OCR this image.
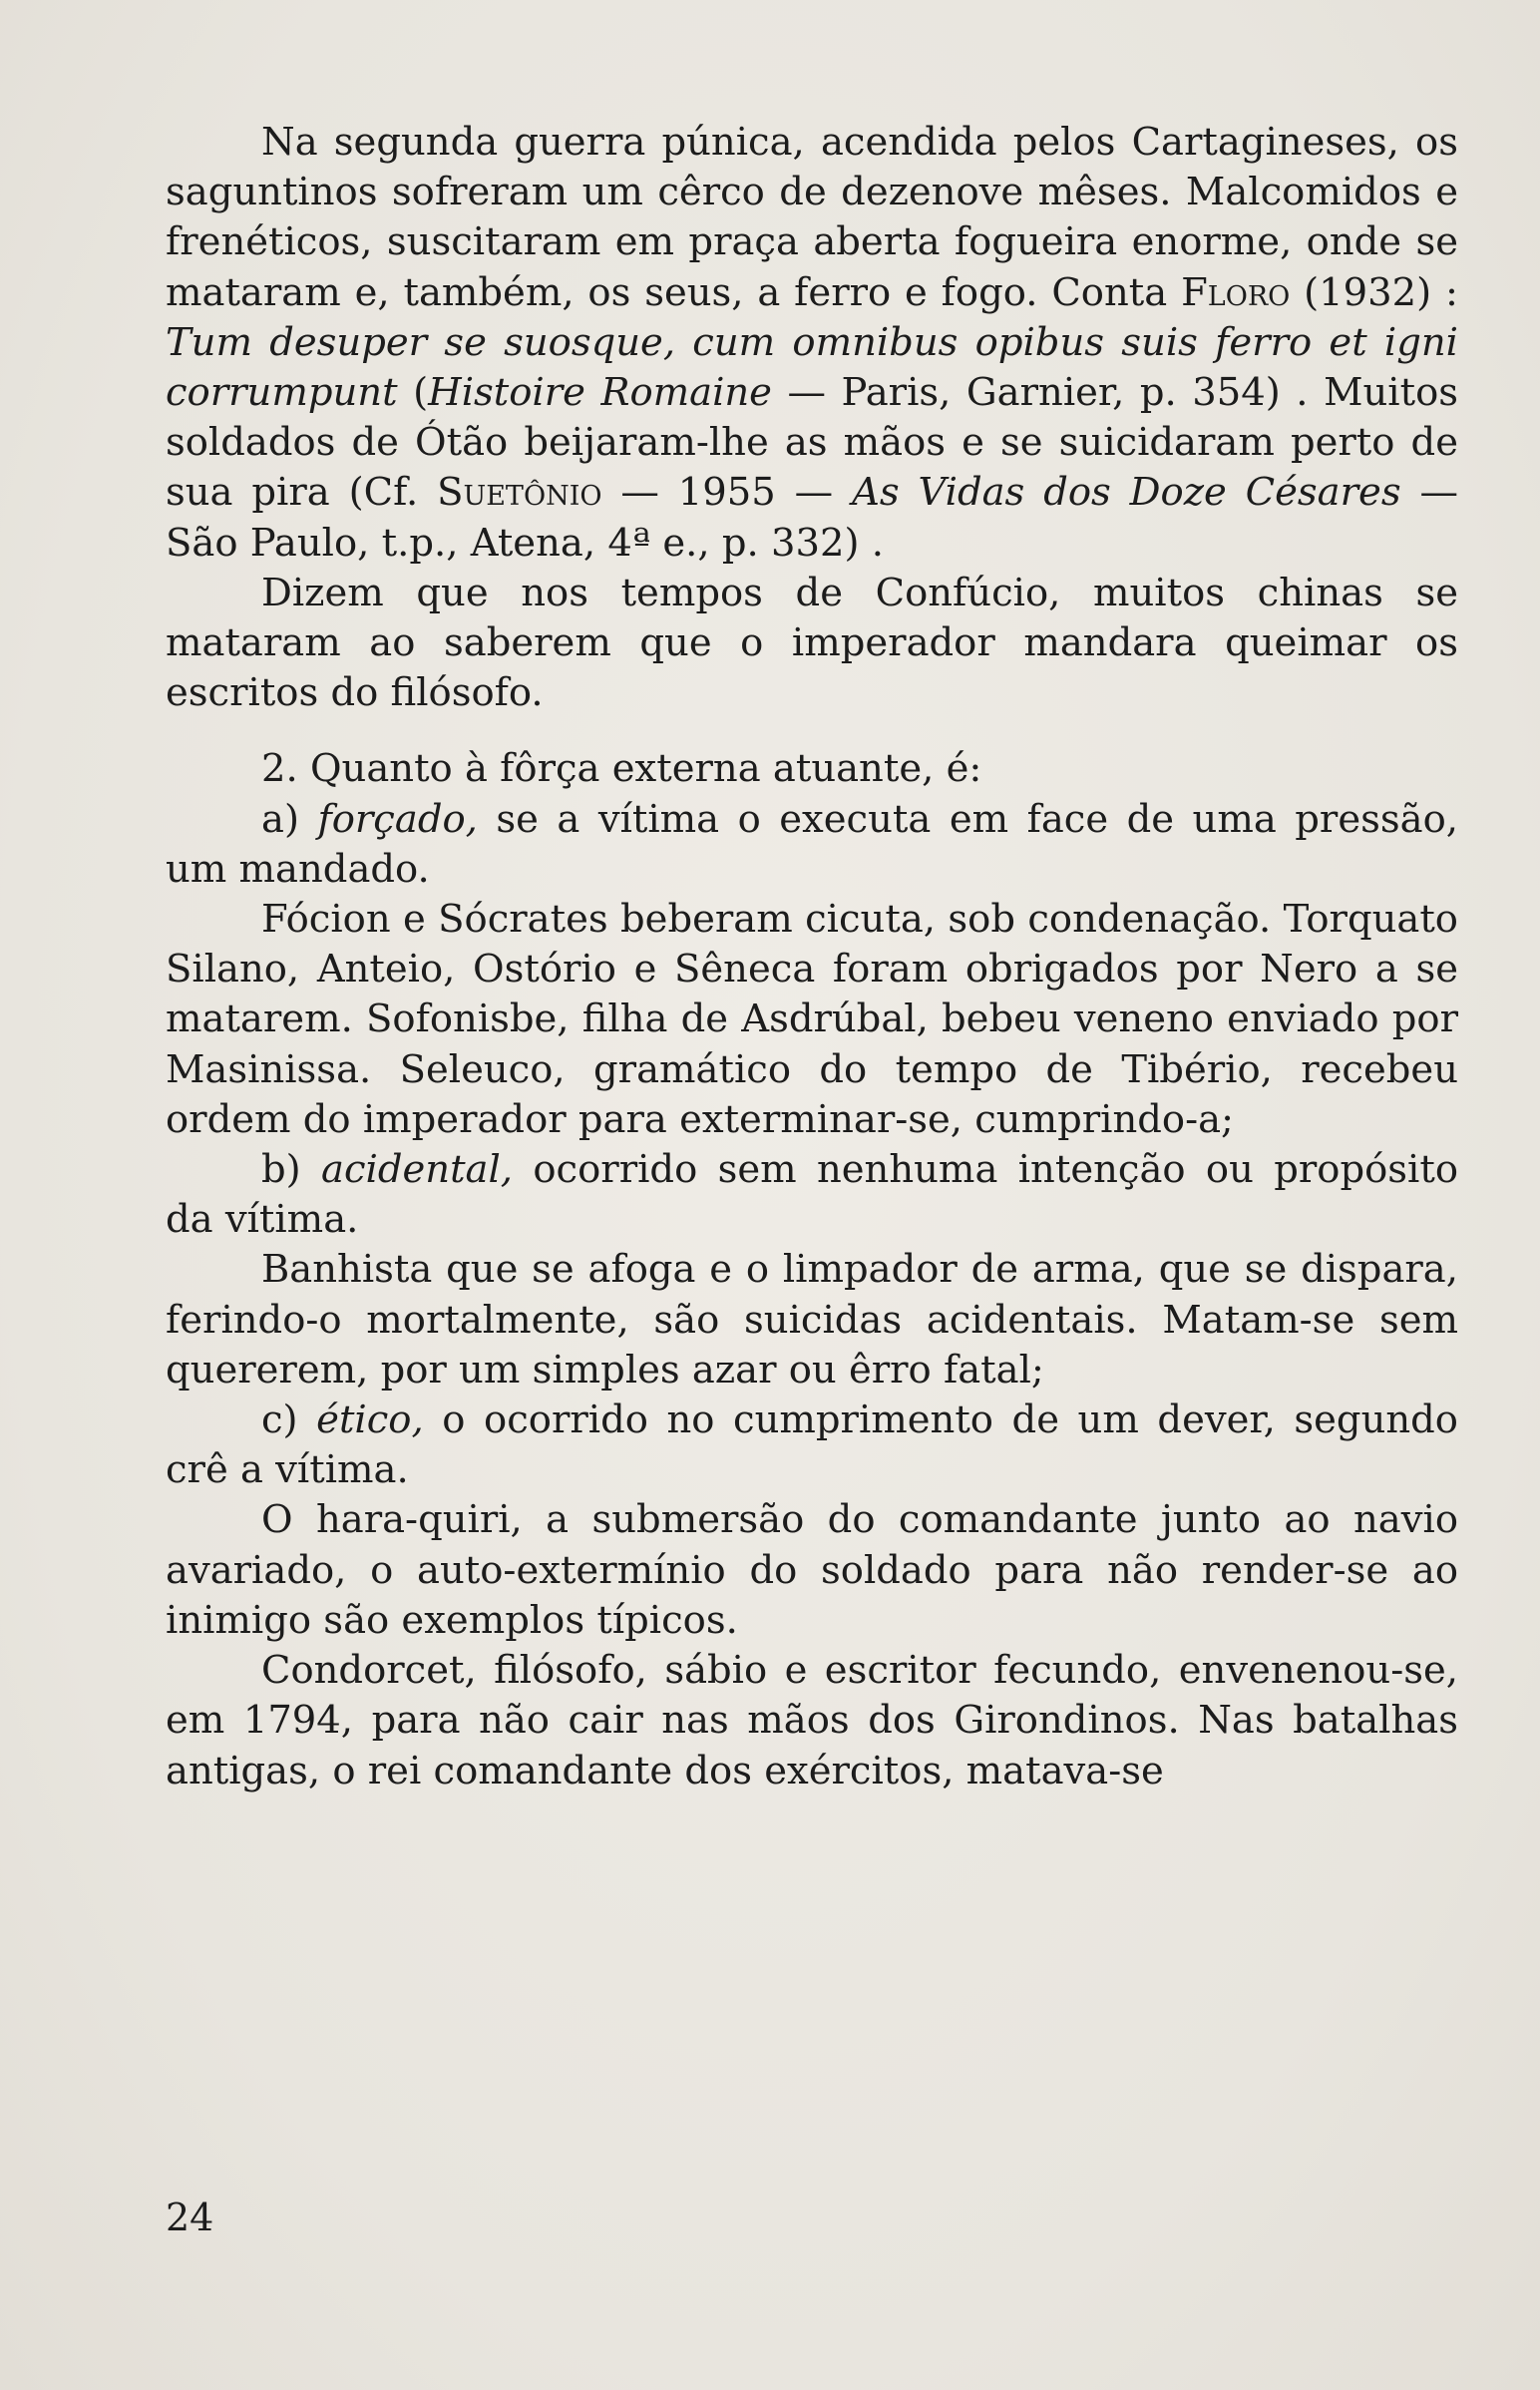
Na segunda guerra púnica, acendida pelos Cartagineses, os saguntinos sofreram um cêrco de dezenove mêses. Malcomidos e frenéticos, suscitaram em praça aberta fogueira enorme, onde se mataram e, também, os seus, a ferro e fogo. Conta Floro (1932) : Tum desuper se suosque, cum omnibus opibus suis ferro et igni corrumpunt (Histoire Romaine — Paris, Garnier, p. 354) . Muitos soldados de Ótão beijaram-lhe as mãos e se suicidaram perto de sua pira (Cf. Suetônio — 1955 — As Vidas dos Doze Césares — São Paulo, t.p., Atena, 4ª e., p. 332) .

Dizem que nos tempos de Confúcio, muitos chinas se mataram ao saberem que o imperador mandara queimar os escritos do filósofo.

2. Quanto à fôrça externa atuante, é:

a) forçado, se a vítima o executa em face de uma pressão, um mandado.

Fócion e Sócrates beberam cicuta, sob condenação. Torquato Silano, Anteio, Ostório e Sêneca foram obrigados por Nero a se matarem. Sofonisbe, filha de Asdrúbal, bebeu veneno enviado por Masinissa. Seleuco, gramático do tempo de Tibério, recebeu ordem do imperador para exterminar-se, cumprindo-a;

b) acidental, ocorrido sem nenhuma intenção ou propósito da vítima.

Banhista que se afoga e o limpador de arma, que se dispara, ferindo-o mortalmente, são suicidas acidentais. Matam-se sem quererem, por um simples azar ou êrro fatal;

c) ético, o ocorrido no cumprimento de um dever, segundo crê a vítima.

O hara-quiri, a submersão do comandante junto ao navio avariado, o auto-extermínio do soldado para não render-se ao inimigo são exemplos típicos.

Condorcet, filósofo, sábio e escritor fecundo, envenenou-se, em 1794, para não cair nas mãos dos Girondinos. Nas batalhas antigas, o rei comandante dos exércitos, matava-se

24
